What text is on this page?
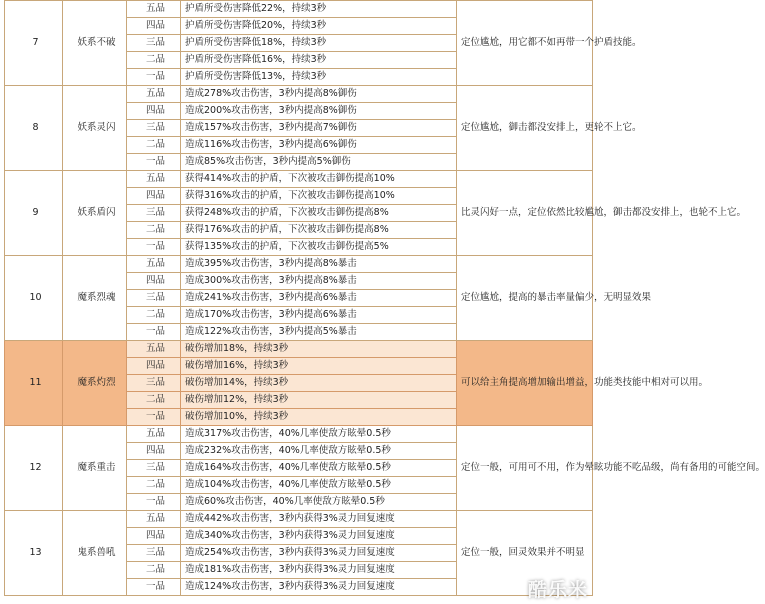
7	妖系不破	五品	护盾所受伤害降低22%，持续3秒	定位尴尬，用它都不如再带一个护盾技能。
		四品	护盾所受伤害降低20%，持续3秒	
		三品	护盾所受伤害降低18%，持续3秒	
		二品	护盾所受伤害降低16%，持续3秒	
		一品	护盾所受伤害降低13%，持续3秒	
8	妖系灵闪	五品	造成278%攻击伤害，3秒内提高8%御伤	定位尴尬，御击都没安排上，更轮不上它。
		四品	造成200%攻击伤害，3秒内提高8%御伤	
		三品	造成157%攻击伤害，3秒内提高7%御伤	
		二品	造成116%攻击伤害，3秒内提高6%御伤	
		一品	造成85%攻击伤害，3秒内提高5%御伤	
9	妖系盾闪	五品	获得414%攻击的护盾，下次被攻击御伤提高10%	比灵闪好一点，定位依然比较尴尬，御击都没安排上，也轮不上它。
		四品	获得316%攻击的护盾，下次被攻击御伤提高10%	
		三品	获得248%攻击的护盾，下次被攻击御伤提高8%	
		二品	获得176%攻击的护盾，下次被攻击御伤提高8%	
		一品	获得135%攻击的护盾，下次被攻击御伤提高5%	
10	魔系烈魂	五品	造成395%攻击伤害，3秒内提高8%暴击	定位尴尬，提高的暴击率量偏少，无明显效果
		四品	造成300%攻击伤害，3秒内提高8%暴击	
		三品	造成241%攻击伤害，3秒内提高6%暴击	
		二品	造成170%攻击伤害，3秒内提高6%暴击	
		一品	造成122%攻击伤害，3秒内提高5%暴击	
11	魔系灼烈	五品	破伤增加18%，持续3秒	可以给主角提高增加输出增益，功能类技能中相对可以用。
		四品	破伤增加16%，持续3秒	
		三品	破伤增加14%，持续3秒	
		二品	破伤增加12%，持续3秒	
		一品	破伤增加10%，持续3秒	
12	魔系重击	五品	造成317%攻击伤害，40%几率使敌方眩晕0.5秒	定位一般，可用可不用，作为晕眩功能不吃品级，尚有备用的可能空间。
		四品	造成232%攻击伤害，40%几率使敌方眩晕0.5秒	
		三品	造成164%攻击伤害，40%几率使敌方眩晕0.5秒	
		二品	造成104%攻击伤害，40%几率使敌方眩晕0.5秒	
		一品	造成60%攻击伤害，40%几率使敌方眩晕0.5秒	
13	鬼系兽吼	五品	造成442%攻击伤害，3秒内获得3%灵力回复速度	定位一般，回灵效果并不明显
		四品	造成340%攻击伤害，3秒内获得3%灵力回复速度	
		三品	造成254%攻击伤害，3秒内获得3%灵力回复速度	
		二品	造成181%攻击伤害，3秒内获得3%灵力回复速度	
		一品	造成124%攻击伤害，3秒内获得3%灵力回复速度		酷乐米
